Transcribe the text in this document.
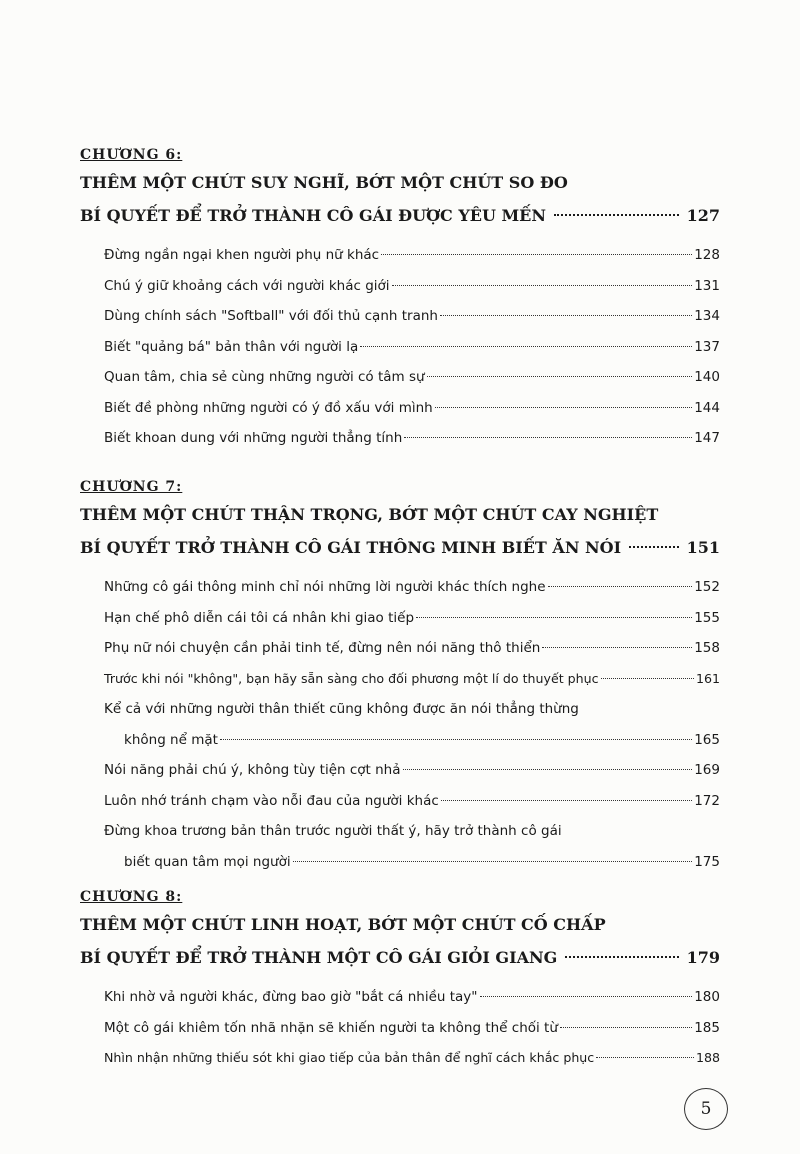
CHƯƠNG 6:
THÊM MỘT CHÚT SUY NGHĨ, BỚT MỘT CHÚT SO ĐO
BÍ QUYẾT ĐỂ TRỞ THÀNH CÔ GÁI ĐƯỢC YÊU MẾN	127
Đừng ngần ngại khen người phụ nữ khác	128
Chú ý giữ khoảng cách với người khác giới	131
Dùng chính sách "Softball" với đối thủ cạnh tranh	134
Biết "quảng bá" bản thân với người lạ	137
Quan tâm, chia sẻ cùng những người có tâm sự	140
Biết đề phòng những người có ý đồ xấu với mình	144
Biết khoan dung với những người thẳng tính	147
CHƯƠNG 7:
THÊM MỘT CHÚT THẬN TRỌNG, BỚT MỘT CHÚT CAY NGHIỆT
BÍ QUYẾT TRỞ THÀNH CÔ GÁI THÔNG MINH BIẾT ĂN NÓI	151
Những cô gái thông minh chỉ nói những lời người khác thích nghe	152
Hạn chế phô diễn cái tôi cá nhân khi giao tiếp	155
Phụ nữ nói chuyện cần phải tinh tế, đừng nên nói năng thô thiển	158
Trước khi nói "không", bạn hãy sẵn sàng cho đối phương một lí do thuyết phục	161
Kể cả với những người thân thiết cũng không được ăn nói thẳng thừng
không nể mặt	165
Nói năng phải chú ý, không tùy tiện cợt nhả	169
Luôn nhớ tránh chạm vào nỗi đau của người khác	172
Đừng khoa trương bản thân trước người thất ý, hãy trở thành cô gái
biết quan tâm mọi người	175
CHƯƠNG 8:
THÊM MỘT CHÚT LINH HOẠT, BỚT MỘT CHÚT CỐ CHẤP
BÍ QUYẾT ĐỂ TRỞ THÀNH MỘT CÔ GÁI GIỎI GIANG	179
Khi nhờ vả người khác, đừng bao giờ "bắt cá nhiều tay"	180
Một cô gái khiêm tốn nhã nhặn sẽ khiến người ta không thể chối từ	185
Nhìn nhận những thiếu sót khi giao tiếp của bản thân để nghĩ cách khắc phục	188
5
